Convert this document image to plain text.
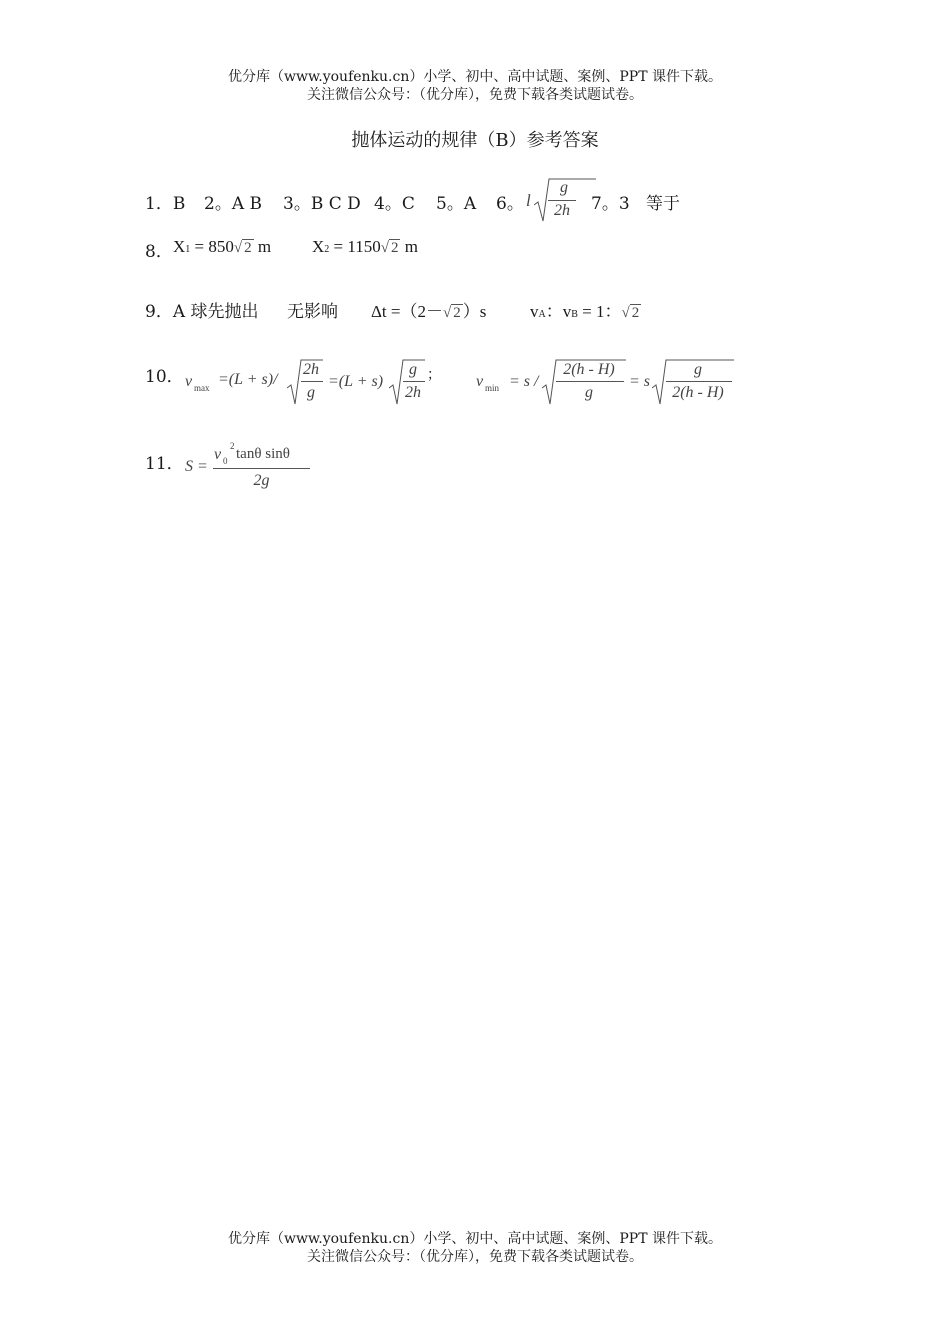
优分库（www.youfenku.cn）小学、初中、高中试题、案例、PPT 课件下载。
关注微信公众号：（优分库），免费下载各类试题试卷。
抛体运动的规律（B）参考答案
1．B 2。A B 3。B C D 4。C 5。A 6。 l
g
2h	7。3 等于
8． X1 = 850√ 2 m X2 = 1150√ 2 m
9．A 球先抛出 无影响 Δt =（2－√ 2 ）s	vA：vB = 1：√ 2
10． v max =(L + s)/
2h
g
=(L + s)
g
2h
； v min = s /
2(h - H)
g
= s
g
2(h - H)
11． S =
v 0
2 tanθ sinθ
2g
优分库（www.youfenku.cn）小学、初中、高中试题、案例、PPT 课件下载。
关注微信公众号：（优分库），免费下载各类试题试卷。
